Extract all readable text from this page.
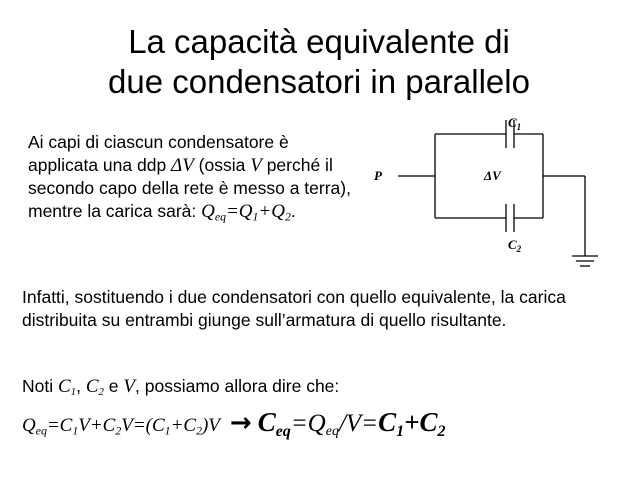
La capacità equivalente di
due condensatori in parallelo
Ai capi di ciascun condensatore è applicata una ddp ΔV (ossia V perché il secondo capo della rete è messo a terra), mentre la carica sarà: $Q_{eq}=Q_1+Q_2$.
P	ΔV
$C_1$
$C_2$
Infatti, sostituendo i due condensatori con quello equivalente, la carica distribuita su entrambi giunge sull’armatura di quello risultante.
Noti $C_1$, $C_2$ e V, possiamo allora dire che:
$Q_{eq}=C_1V+C_2V=(C_1+C_2)V \to C_{eq}=Q_{eq}/V=C_1+C_2$
